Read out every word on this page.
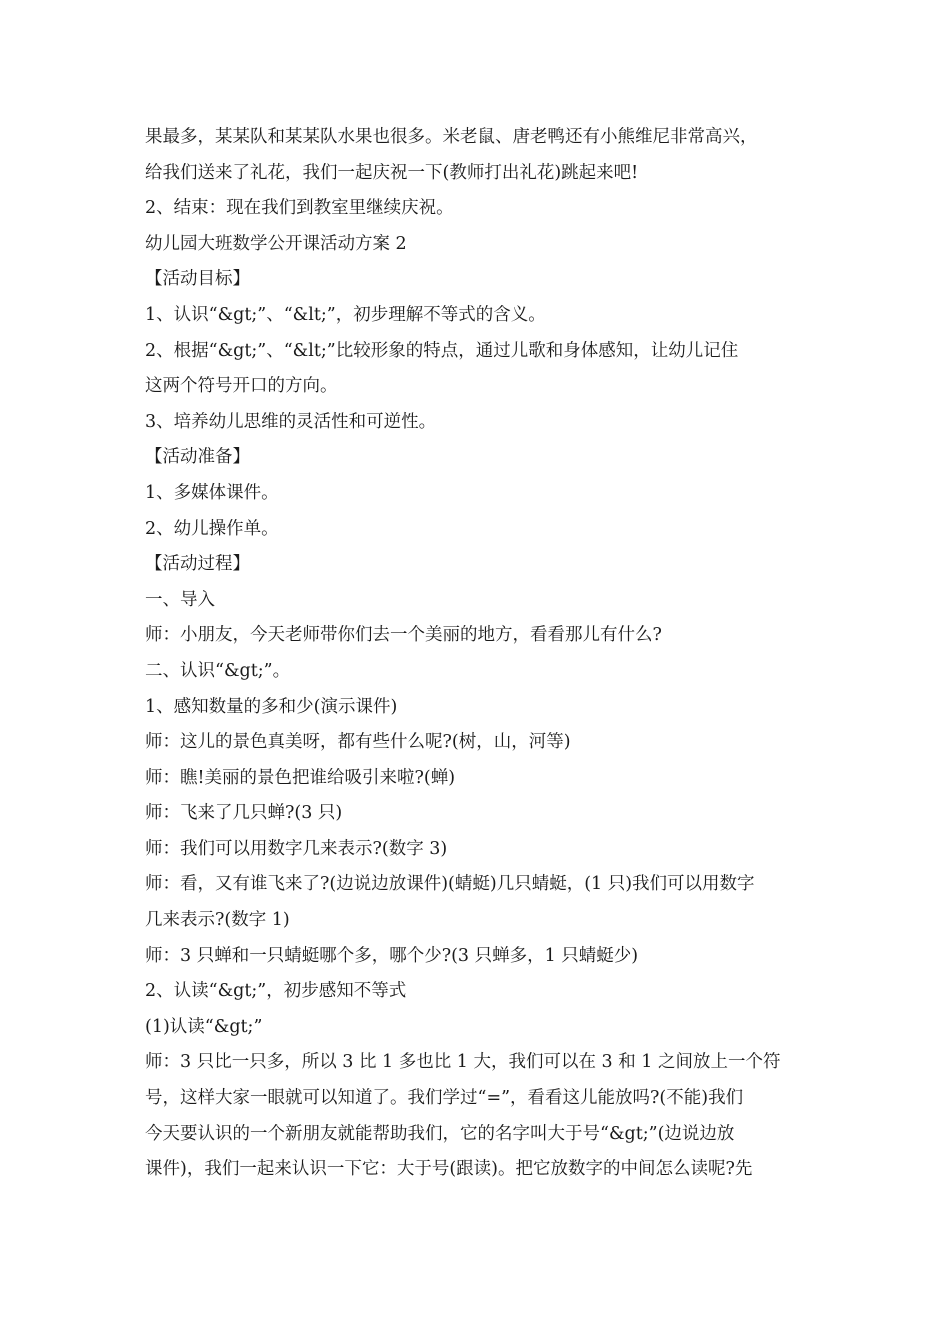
果最多，某某队和某某队水果也很多。米老鼠、唐老鸭还有小熊维尼非常高兴，
给我们送来了礼花，我们一起庆祝一下(教师打出礼花)跳起来吧!
2、结束：现在我们到教室里继续庆祝。
幼儿园大班数学公开课活动方案 2
【活动目标】
1、认识“&gt;”、“&lt;”，初步理解不等式的含义。
2、根据“&gt;”、“&lt;”比较形象的特点，通过儿歌和身体感知，让幼儿记住
这两个符号开口的方向。
3、培养幼儿思维的灵活性和可逆性。
【活动准备】
1、多媒体课件。
2、幼儿操作单。
【活动过程】
一、导入
师：小朋友，今天老师带你们去一个美丽的地方，看看那儿有什么?
二、认识“&gt;”。
1、感知数量的多和少(演示课件)
师：这儿的景色真美呀，都有些什么呢?(树，山，河等)
师：瞧!美丽的景色把谁给吸引来啦?(蝉)
师：飞来了几只蝉?(3 只)
师：我们可以用数字几来表示?(数字 3)
师：看，又有谁飞来了?(边说边放课件)(蜻蜓)几只蜻蜓，(1 只)我们可以用数字
几来表示?(数字 1)
师：3 只蝉和一只蜻蜓哪个多，哪个少?(3 只蝉多，1 只蜻蜓少)
2、认读“&gt;”，初步感知不等式
(1)认读“&gt;”
师：3 只比一只多，所以 3 比 1 多也比 1 大，我们可以在 3 和 1 之间放上一个符
号，这样大家一眼就可以知道了。我们学过“=”，看看这儿能放吗?(不能)我们
今天要认识的一个新朋友就能帮助我们，它的名字叫大于号“&gt;”(边说边放
课件)，我们一起来认识一下它：大于号(跟读)。把它放数字的中间怎么读呢?先
